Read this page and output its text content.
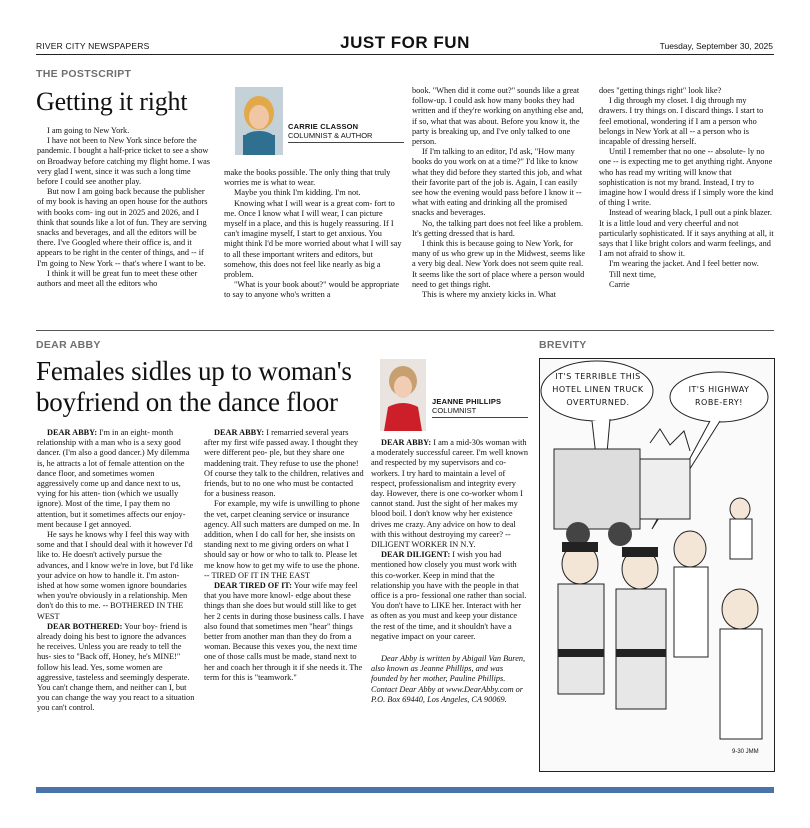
RIVER CITY NEWSPAPERS	JUST FOR FUN	Tuesday, September 30, 2025
THE POSTSCRIPT
Getting it right
CARRIE CLASSON
COLUMNIST & AUTHOR

I am going to New York.

I have not been to New York since before the pandemic. I bought a half-price ticket to see a show on Broadway before catching my flight home. I was very glad I went, since it was such a long time before I could see another play.

But now I am going back because the publisher of my book is having an open house for the authors with books com- ing out in 2025 and 2026, and I think that sounds like a lot of fun. They are serving snacks and beverages, and all the editors will be there. I've Googled where their office is, and it appears to be right in the center of things, and -- if I'm going to New York -- that's where I want to be.

I think it will be great fun to meet these other authors and meet all the editors who

make the books possible. The only thing that truly worries me is what to wear.

Maybe you think I'm kidding. I'm not.

Knowing what I will wear is a great com- fort to me. Once I know what I will wear, I can picture myself in a place, and this is hugely reassuring. If I can't imagine myself, I start to get anxious. You might think I'd be more worried about what I will say to all these important writers and editors, but somehow, this does not feel like nearly as big a problem.

"What is your book about?" would be appropriate to say to anyone who's written a

book. "When did it come out?" sounds like a great follow-up. I could ask how many books they had written and if they're working on anything else and, if so, what that was about. Before you know it, the party is breaking up, and I've only talked to one person.

If I'm talking to an editor, I'd ask, "How many books do you work on at a time?" I'd like to know what they did before they started this job, and what their favorite part of the job is. Again, I can easily see how the evening would pass before I know it -- what with eating and drinking all the promised snacks and beverages.

No, the talking part does not feel like a problem. It's getting dressed that is hard.

I think this is because going to New York, for many of us who grew up in the Midwest, seems like a very big deal. New York does not seem quite real. It seems like the sort of place where a person would need to get things right.

This is where my anxiety kicks in. What

does "getting things right" look like?

I dig through my closet. I dig through my drawers. I try things on. I discard things. I start to feel emotional, wondering if I am a person who belongs in New York at all -- a person who is incapable of dressing herself.

Until I remember that no one -- absolute- ly no one -- is expecting me to get anything right. Anyone who has read my writing will know that sophistication is not my brand. Instead, I try to imagine how I would dress if I simply wore the kind of thing I write.

Instead of wearing black, I pull out a pink blazer. It is a little loud and very cheerful and not particularly sophisticated. If it says anything at all, it says that I like bright colors and warm feelings, and I am not afraid to show it.

I'm wearing the jacket. And I feel better now.

Till next time,

Carrie

DEAR ABBY
Females sidles up to woman's
boyfriend on the dance floor	JEANNE PHILLIPS
COLUMNIST

DEAR ABBY: I'm in an eight- month relationship with a man who is a sexy good dancer. (I'm also a good dancer.) My dilemma is, he attracts a lot of female attention on the dance floor, and sometimes women aggressively come up and dance next to us, vying for his atten- tion (which we usually ignore). Most of the time, I pay them no attention, but it sometimes affects our enjoy- ment because I get annoyed.

He says he knows why I feel this way with some and that I should deal with it however I'd like to. He doesn't actively pursue the advances, and I know we're in love, but I'd like your advice on how to handle it. I'm aston- ished at how some women ignore boundaries when you're obviously in a relationship. Men don't do this to me. -- BOTHERED IN THE WEST

DEAR BOTHERED: Your boy- friend is already doing his best to ignore the advances he receives. Unless you are ready to tell the hus- sies to "Back off, Honey, he's MINE!" follow his lead. Yes, some women are aggressive, tasteless and seemingly desperate. You can't change them, and neither can I, but you can change the way you react to a situation you can't control.

DEAR ABBY: I remarried several years after my first wife passed away. I thought they were different peo- ple, but they share one maddening trait. They refuse to use the phone! Of course they talk to the children, relatives and friends, but to no one who must be contacted for a business reason.

For example, my wife is unwilling to phone the vet, carpet cleaning service or insurance agency. All such matters are dumped on me. In addition, when I do call for her, she insists on standing next to me giving orders on what I should say or how or who to talk to. Please let me know how to get my wife to use the phone. -- TIRED OF IT IN THE EAST

DEAR TIRED OF IT: Your wife may feel that you have more knowl- edge about these things than she does but would still like to get her 2 cents in during those business calls. I have also found that sometimes men "hear" things better from another man than they do from a woman. Because this vexes you, the next time one of those calls must be made, stand next to her and coach her through it if she needs it. The term for this is "teamwork."

DEAR ABBY: I am a mid-30s woman with a moderately successful career. I'm well known and respected by my supervisors and co-workers. I try hard to maintain a level of respect, professionalism and integrity every day. However, there is one co-worker whom I cannot stand. Just the sight of her makes my blood boil. I don't know why her existence drives me crazy. Any advice on how to deal with this without destroying my career? -- DILIGENT WORKER IN N.Y.

DEAR DILIGENT: I wish you had mentioned how closely you must work with this co-worker. Keep in mind that the relationship you have with the people in that office is a pro- fessional one rather than social. You don't have to LIKE her. Interact with her as often as you must and keep your distance the rest of the time, and it shouldn't have a negative impact on your career.

Dear Abby is written by Abigail Van Buren, also known as Jeanne Phillips, and was founded by her mother, Pauline Phillips. Contact Dear Abby at www.DearAbby.com or P.O. Box 69440, Los Angeles, CA 90069.

BREVITY
IT'S TERRIBLE THIS
HOTEL LINEN TRUCK
OVERTURNED.
IT'S HIGHWAY
ROBE-ERY!
9-30 JMM
